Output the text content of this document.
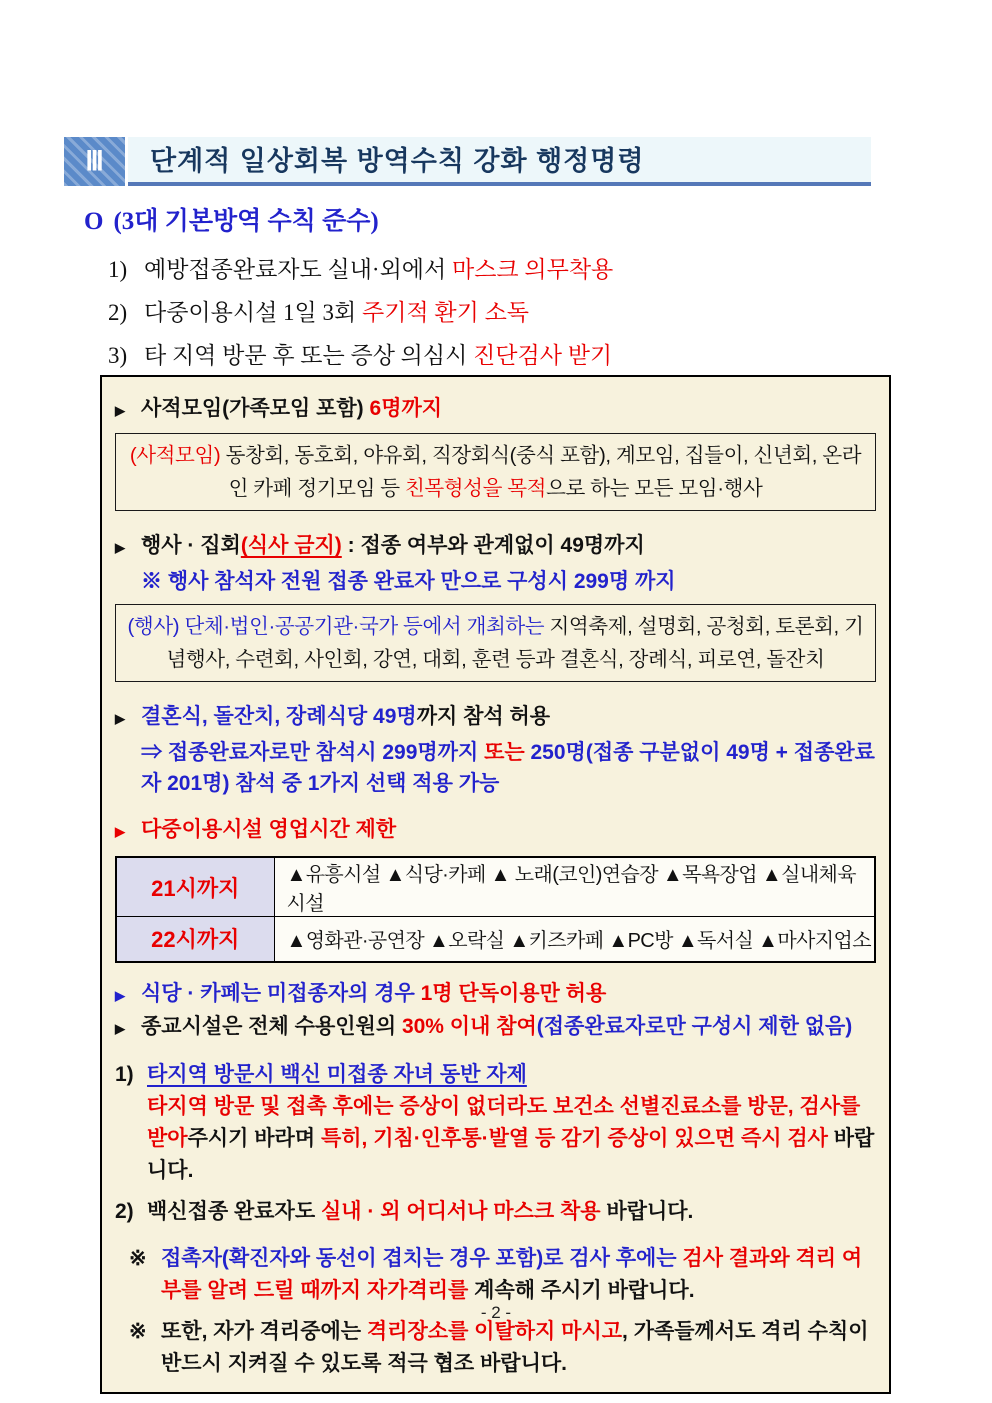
Ⅲ 단계적 일상회복 방역수칙 강화 행정명령
O (3대 기본방역 수칙 준수)
1) 예방접종완료자도 실내·외에서 마스크 의무착용
2) 다중이용시설 1일 3회 주기적 환기 소독
3) 타 지역 방문 후 또는 증상 의심시 진단검사 받기
▶ 사적모임(가족모임 포함) 6명까지
(사적모임) 동창회, 동호회, 야유회, 직장회식(중식 포함), 계모임, 집들이, 신년회, 온라인 카페 정기모임 등 친목형성을 목적으로 하는 모든 모임·행사
▶ 행사 · 집회(식사 금지) : 접종 여부와 관계없이 49명까지
※ 행사 참석자 전원 접종 완료자 만으로 구성시 299명 까지
(행사) 단체·법인·공공기관·국가 등에서 개최하는 지역축제, 설명회, 공청회, 토론회, 기념행사, 수련회, 사인회, 강연, 대회, 훈련 등과 결혼식, 장례식, 피로연, 돌잔치
▶ 결혼식, 돌잔치, 장례식당 49명까지 참석 허용
⇒ 접종완료자로만 참석시 299명까지 또는 250명(접종 구분없이 49명 + 접종완료자 201명) 참석 중 1가지 선택 적용 가능
▶ 다중이용시설 영업시간 제한
21시까지	▲유흥시설 ▲식당·카페 ▲ 노래(코인)연습장 ▲목욕장업 ▲실내체육시설
22시까지	▲영화관·공연장 ▲오락실 ▲키즈카페 ▲PC방 ▲독서실 ▲마사지업소
▶ 식당 · 카페는 미접종자의 경우 1명 단독이용만 허용
▶ 종교시설은 전체 수용인원의 30% 이내 참여(접종완료자로만 구성시 제한 없음)
1) 타지역 방문시 백신 미접종 자녀 동반 자제
타지역 방문 및 접촉 후에는 증상이 없더라도 보건소 선별진료소를 방문, 검사를 받아주시기 바라며 특히, 기침·인후통·발열 등 감기 증상이 있으면 즉시 검사 바랍니다.
2) 백신접종 완료자도 실내 · 외 어디서나 마스크 착용 바랍니다.
※ 접촉자(확진자와 동선이 겹치는 경우 포함)로 검사 후에는 검사 결과와 격리 여부를 알려 드릴 때까지 자가격리를 계속해 주시기 바랍니다.
※ 또한, 자가 격리중에는 격리장소를 이탈하지 마시고, 가족들께서도 격리 수칙이 반드시 지켜질 수 있도록 적극 협조 바랍니다.
- 2 -
